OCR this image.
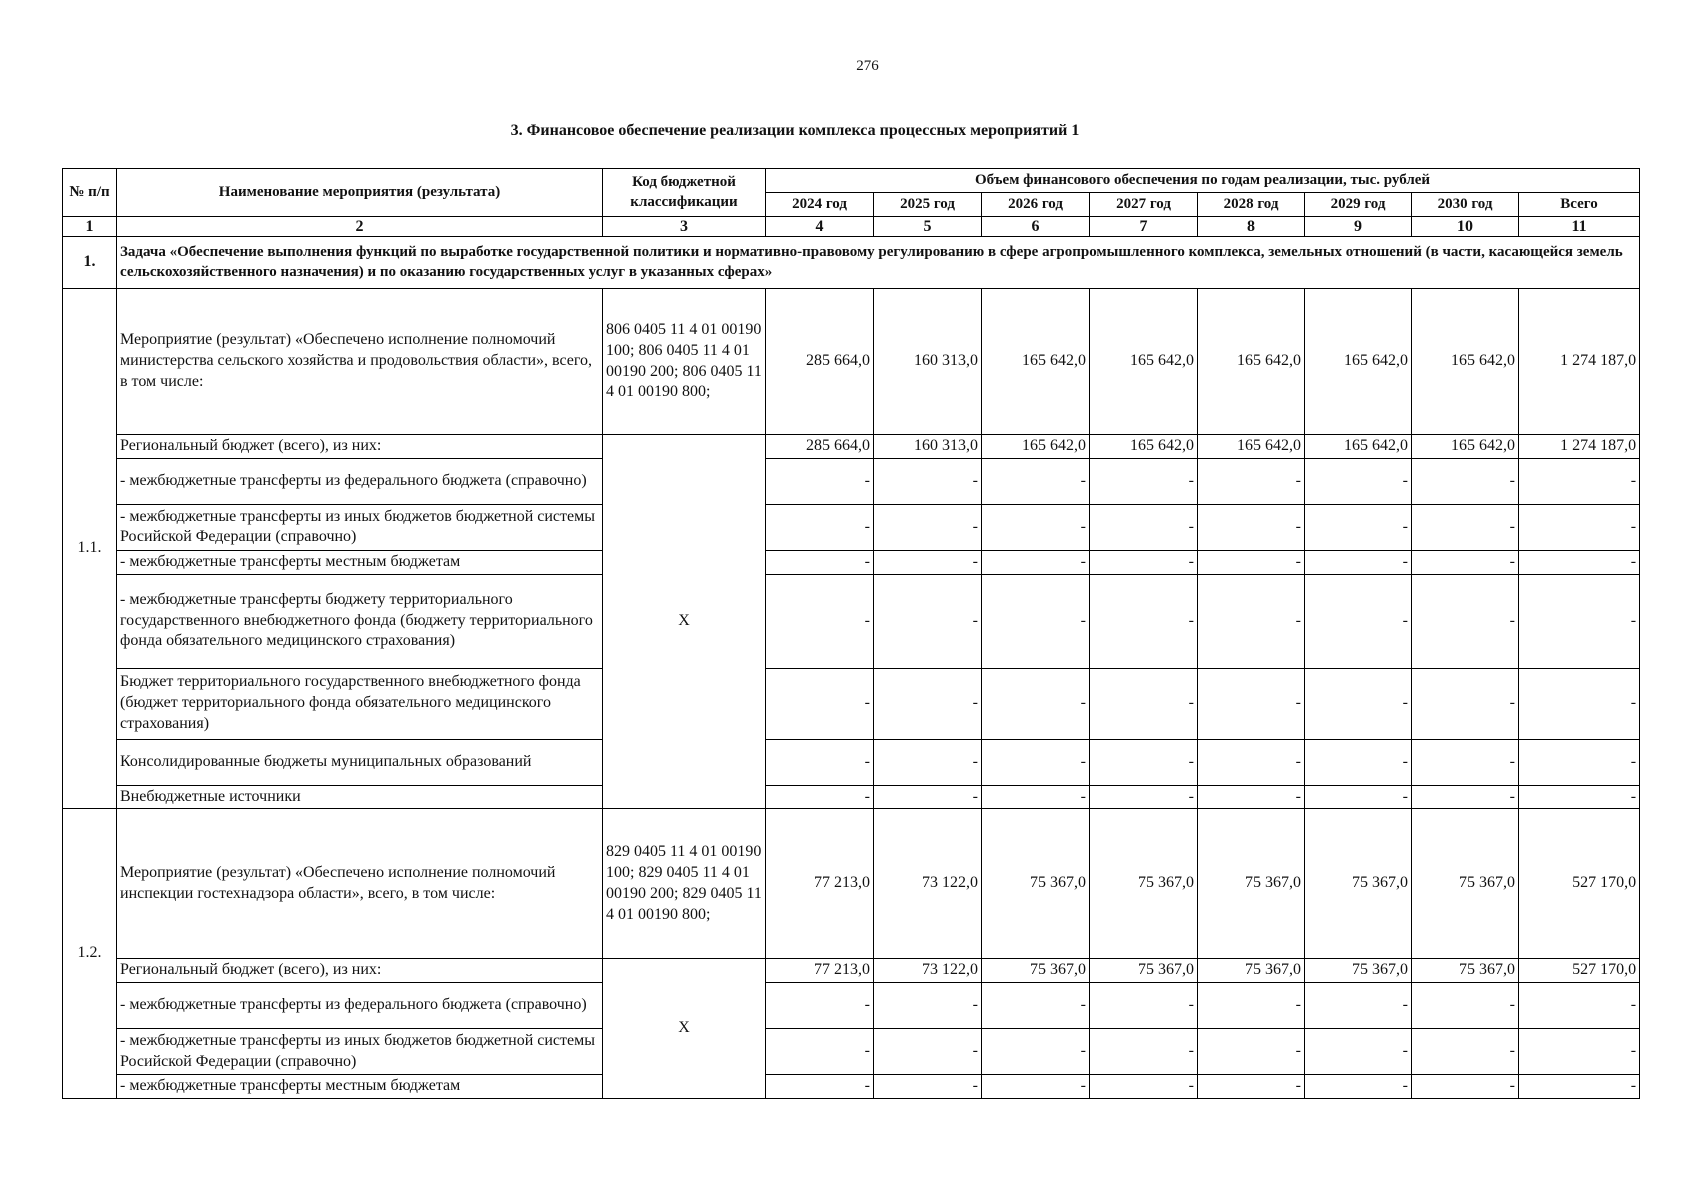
276
3. Финансовое обеспечение реализации комплекса процессных мероприятий 1
№ п/п	Наименование мероприятия (результата)	Код бюджетной классификации	Объем финансового обеспечения по годам реализации, тыс. рублей							
			2024 год	2025 год	2026 год	2027 год	2028 год	2029 год	2030 год	Всего
1	2	3	4	5	6	7	8	9	10	11
1.	Задача «Обеспечение выполнения функций по выработке государственной политики и нормативно-правовому регулированию в сфере агропромышленного комплекса, земельных отношений (в части, касающейся земель сельскохозяйственного назначения) и по оказанию государственных услуг в указанных сферах»									
1.1.	Мероприятие (результат) «Обеспечено исполнение полномочий министерства сельского хозяйства и продовольствия области», всего, в том числе:	806 0405 11 4 01 00190 100; 806 0405 11 4 01 00190 200; 806 0405 11 4 01 00190 800;	285 664,0	160 313,0	165 642,0	165 642,0	165 642,0	165 642,0	165 642,0	1 274 187,0
	Региональный бюджет (всего), из них:	Х	285 664,0	160 313,0	165 642,0	165 642,0	165 642,0	165 642,0	165 642,0	1 274 187,0
	- межбюджетные трансферты из федерального бюджета (справочно)		-	-	-	-	-	-	-	-
	- межбюджетные трансферты из иных бюджетов бюджетной системы Росийской Федерации (справочно)		-	-	-	-	-	-	-	-
	- межбюджетные трансферты местным бюджетам		-	-	-	-	-	-	-	-
	- межбюджетные трансферты бюджету территориального государственного внебюджетного фонда (бюджету территориального фонда обязательного медицинского страхования)		-	-	-	-	-	-	-	-
	Бюджет территориального государственного внебюджетного фонда (бюджет территориального фонда обязательного медицинского страхования)		-	-	-	-	-	-	-	-
	Консолидированные бюджеты муниципальных образований		-	-	-	-	-	-	-	-
	Внебюджетные источники		-	-	-	-	-	-	-	-
1.2.	Мероприятие (результат) «Обеспечено исполнение полномочий инспекции гостехнадзора области», всего, в том числе:	829 0405 11 4 01 00190 100; 829 0405 11 4 01 00190 200; 829 0405 11 4 01 00190 800;	77 213,0	73 122,0	75 367,0	75 367,0	75 367,0	75 367,0	75 367,0	527 170,0
	Региональный бюджет (всего), из них:	Х	77 213,0	73 122,0	75 367,0	75 367,0	75 367,0	75 367,0	75 367,0	527 170,0
	- межбюджетные трансферты из федерального бюджета (справочно)		-	-	-	-	-	-	-	-
	- межбюджетные трансферты из иных бюджетов бюджетной системы Росийской Федерации (справочно)		-	-	-	-	-	-	-	-
	- межбюджетные трансферты местным бюджетам		-	-	-	-	-	-	-	-
